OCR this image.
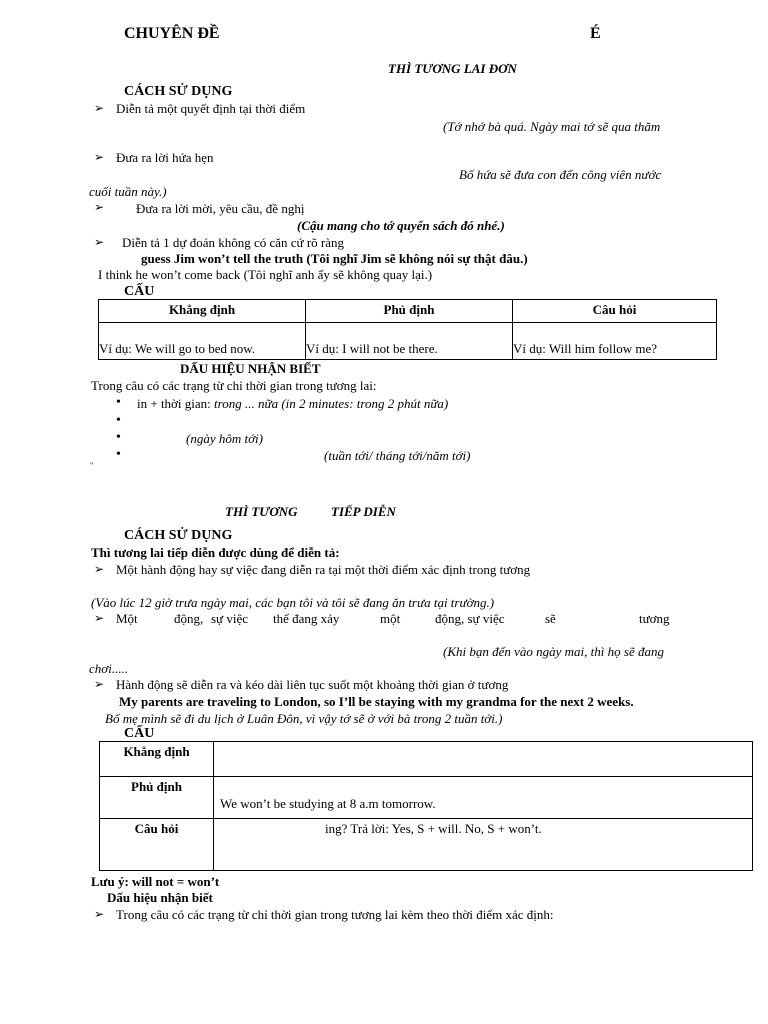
CHUYÊN ĐỀ	É
THÌ TƯƠNG LAI ĐƠN
CÁCH SỬ DỤNG
➢ Diễn tả một quyết định tại thời điểm
(Tớ nhớ bà quá. Ngày mai tớ sẽ qua thăm
➢ Đưa ra lời hứa hẹn
Bố hứa sẽ đưa con đến công viên nước
cuối tuần này.)
➢ Đưa ra lời mời, yêu cầu, đề nghị
(Cậu mang cho tớ quyển sách đó nhé.)
➢ Diễn tả 1 dự đoán không có căn cứ rõ ràng
guess Jim won’t tell the truth (Tôi nghĩ Jim sẽ không nói sự thật đâu.)
I think he won’t come back (Tôi nghĩ anh ấy sẽ không quay lại.)
CẤU
Khẳng định	Phủ định	Câu hỏi
Ví dụ: We will go to bed now.	Ví dụ: I will not be there.	Ví dụ: Will him follow me?
DẤU HIỆU NHẬN BIẾT
Trong câu có các trạng từ chỉ thời gian trong tương lai:
• in + thời gian: trong ... nữa (in 2 minutes: trong 2 phút nữa)
•
•	(ngày hôm tới)
•	(tuần tới/ tháng tới/năm tới)
"
THÌ TƯƠNG	TIẾP DIỄN
CÁCH SỬ DỤNG
Thì tương lai tiếp diễn được dùng để diễn tả:
➢ Một hành động hay sự việc đang diễn ra tại một thời điểm xác định trong tương
(Vào lúc 12 giờ trưa ngày mai, các bạn tôi và tôi sẽ đang ăn trưa tại trường.)
➢ Một	động, sự việc thể đang xảy	một	động, sự việc	sẽ	tương
(Khi bạn đến vào ngày mai, thì họ sẽ đang
chơi.....
➢ Hành động sẽ diễn ra và kéo dài liên tục suốt một khoảng thời gian ở tương
My parents are traveling to London, so I’ll be staying with my grandma for the next 2 weeks.
Bố mẹ mình sẽ đi du lịch ở Luân Đôn, vì vậy tớ sẽ ở với bà trong 2 tuần tới.)
CẤU
Khẳng định	
Phủ định	We won’t be studying at 8 a.m tomorrow.
Câu hỏi	ing? Trả lời: Yes, S + will. No, S + won’t.
Lưu ý: will not = won’t
Dấu hiệu nhận biết
➢ Trong câu có các trạng từ chỉ thời gian trong tương lai kèm theo thời điểm xác định:
